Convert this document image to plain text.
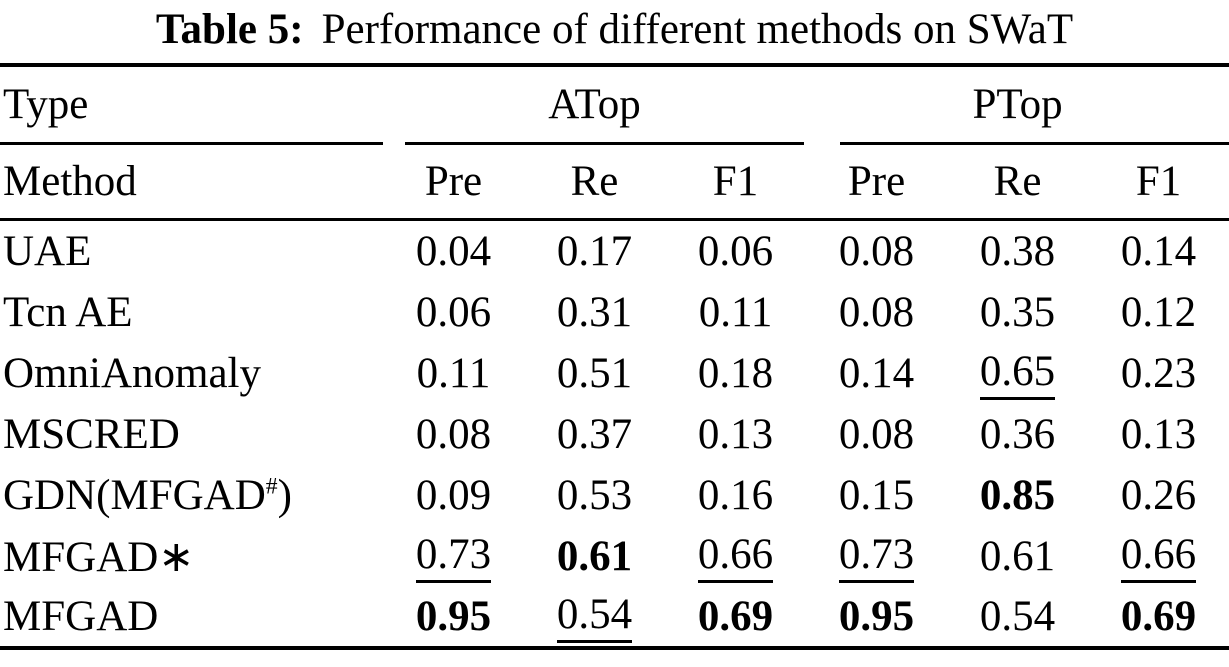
Table 5: Performance of different methods on SWaT
Type	ATop			PTop		

Method	Pre	Re	F1	Pre	Re	F1

UAE	0.04	0.17	0.06	0.08	0.38	0.14
Tcn AE	0.06	0.31	0.11	0.08	0.35	0.12
OmniAnomaly	0.11	0.51	0.18	0.14	0.65	0.23
MSCRED	0.08	0.37	0.13	0.08	0.36	0.13
GDN(MFGAD#)	0.09	0.53	0.16	0.15	0.85	0.26
MFGAD∗	0.73	0.61	0.66	0.73	0.61	0.66
MFGAD	0.95	0.54	0.69	0.95	0.54	0.69
